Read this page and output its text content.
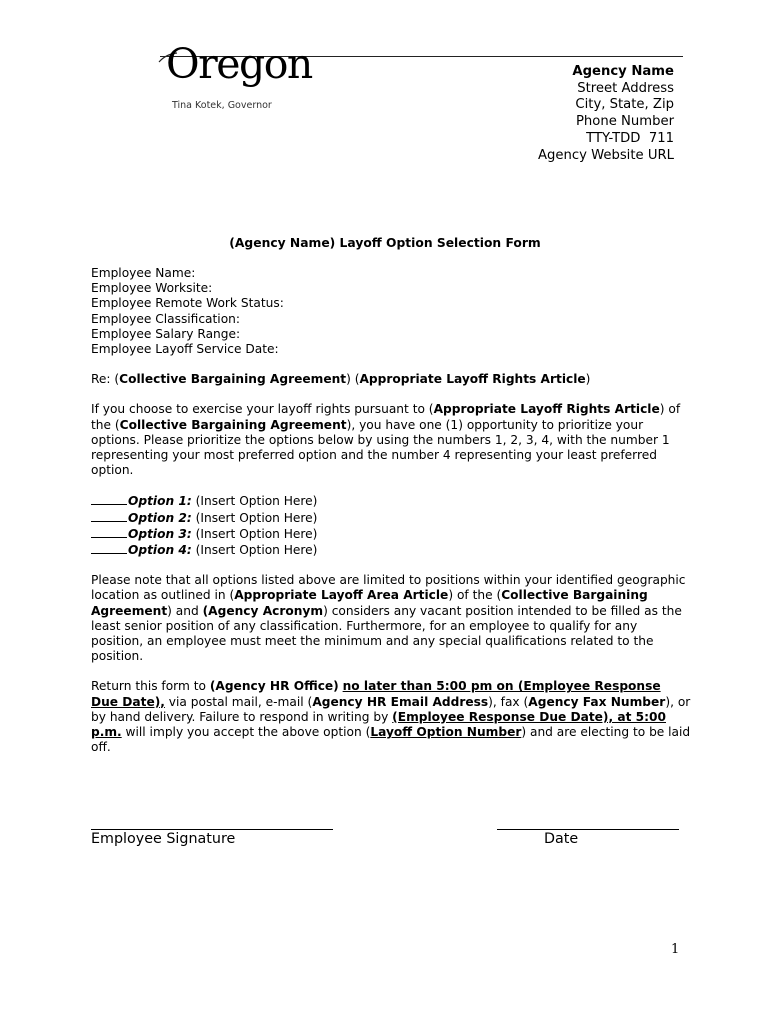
Oregon
Tina Kotek, Governor
Agency Name
Street Address
City, State, Zip
Phone Number
TTY-TDD  711
Agency Website URL
(Agency Name) Layoff Option Selection Form
Employee Name:
Employee Worksite:
Employee Remote Work Status:
Employee Classification:
Employee Salary Range:
Employee Layoff Service Date:

Re: (Collective Bargaining Agreement) (Appropriate Layoff Rights Article)

If you choose to exercise your layoff rights pursuant to (Appropriate Layoff Rights Article) of the (Collective Bargaining Agreement), you have one (1) opportunity to prioritize your options. Please prioritize the options below by using the numbers 1, 2, 3, 4, with the number 1 representing your most preferred option and the number 4 representing your least preferred option.

Option 1: (Insert Option Here)
Option 2: (Insert Option Here)
Option 3: (Insert Option Here)
Option 4: (Insert Option Here)

Please note that all options listed above are limited to positions within your identified geographic location as outlined in (Appropriate Layoff Area Article) of the (Collective Bargaining Agreement) and (Agency Acronym) considers any vacant position intended to be filled as the least senior position of any classification. Furthermore, for an employee to qualify for any position, an employee must meet the minimum and any special qualifications related to the position.

Return this form to (Agency HR Office) no later than 5:00 pm on (Employee Response Due Date), via postal mail, e-mail (Agency HR Email Address), fax (Agency Fax Number), or by hand delivery. Failure to respond in writing by (Employee Response Due Date), at 5:00 p.m. will imply you accept the above option (Layoff Option Number) and are electing to be laid off.

Employee Signature	Date
1
